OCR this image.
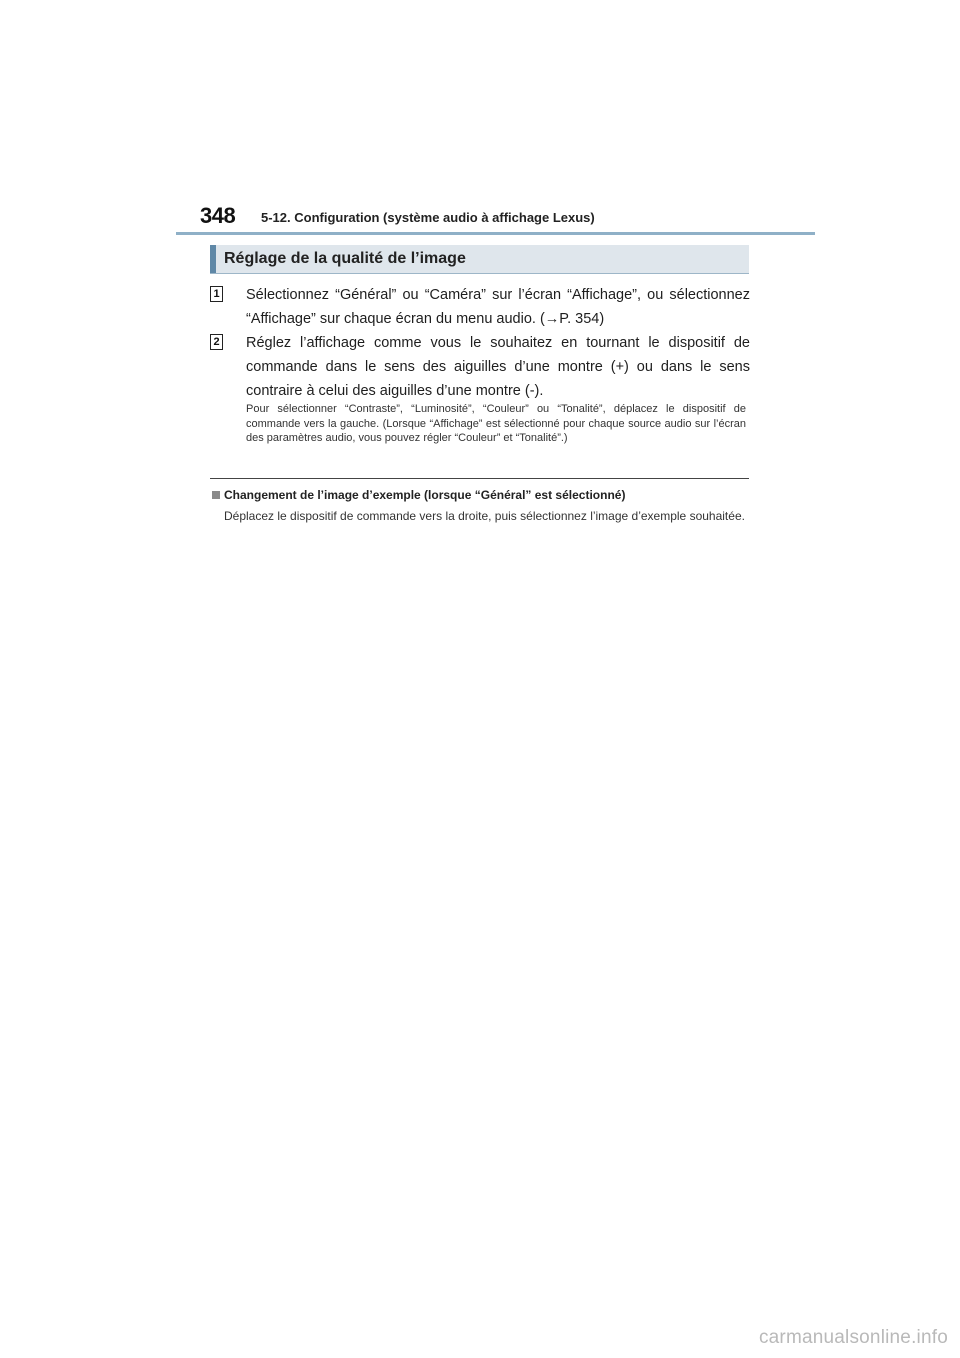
348 5-12. Configuration (système audio à affichage Lexus)
Réglage de la qualité de l’image
1 Sélectionnez “Général” ou “Caméra” sur l’écran “Affichage”, ou sélectionnez “Affichage” sur chaque écran du menu audio. (→P. 354)
2 Réglez l’affichage comme vous le souhaitez en tournant le dispositif de commande dans le sens des aiguilles d’une montre (+) ou dans le sens contraire à celui des aiguilles d’une montre (-).
Pour sélectionner “Contraste”, “Luminosité”, “Couleur” ou “Tonalité”, déplacez le dispositif de commande vers la gauche. (Lorsque “Affichage” est sélectionné pour chaque source audio sur l’écran des paramètres audio, vous pouvez régler “Couleur” et “Tonalité”.)
Changement de l’image d’exemple (lorsque “Général” est sélectionné)
Déplacez le dispositif de commande vers la droite, puis sélectionnez l’image d’exemple souhaitée.
carmanualsonline.info
